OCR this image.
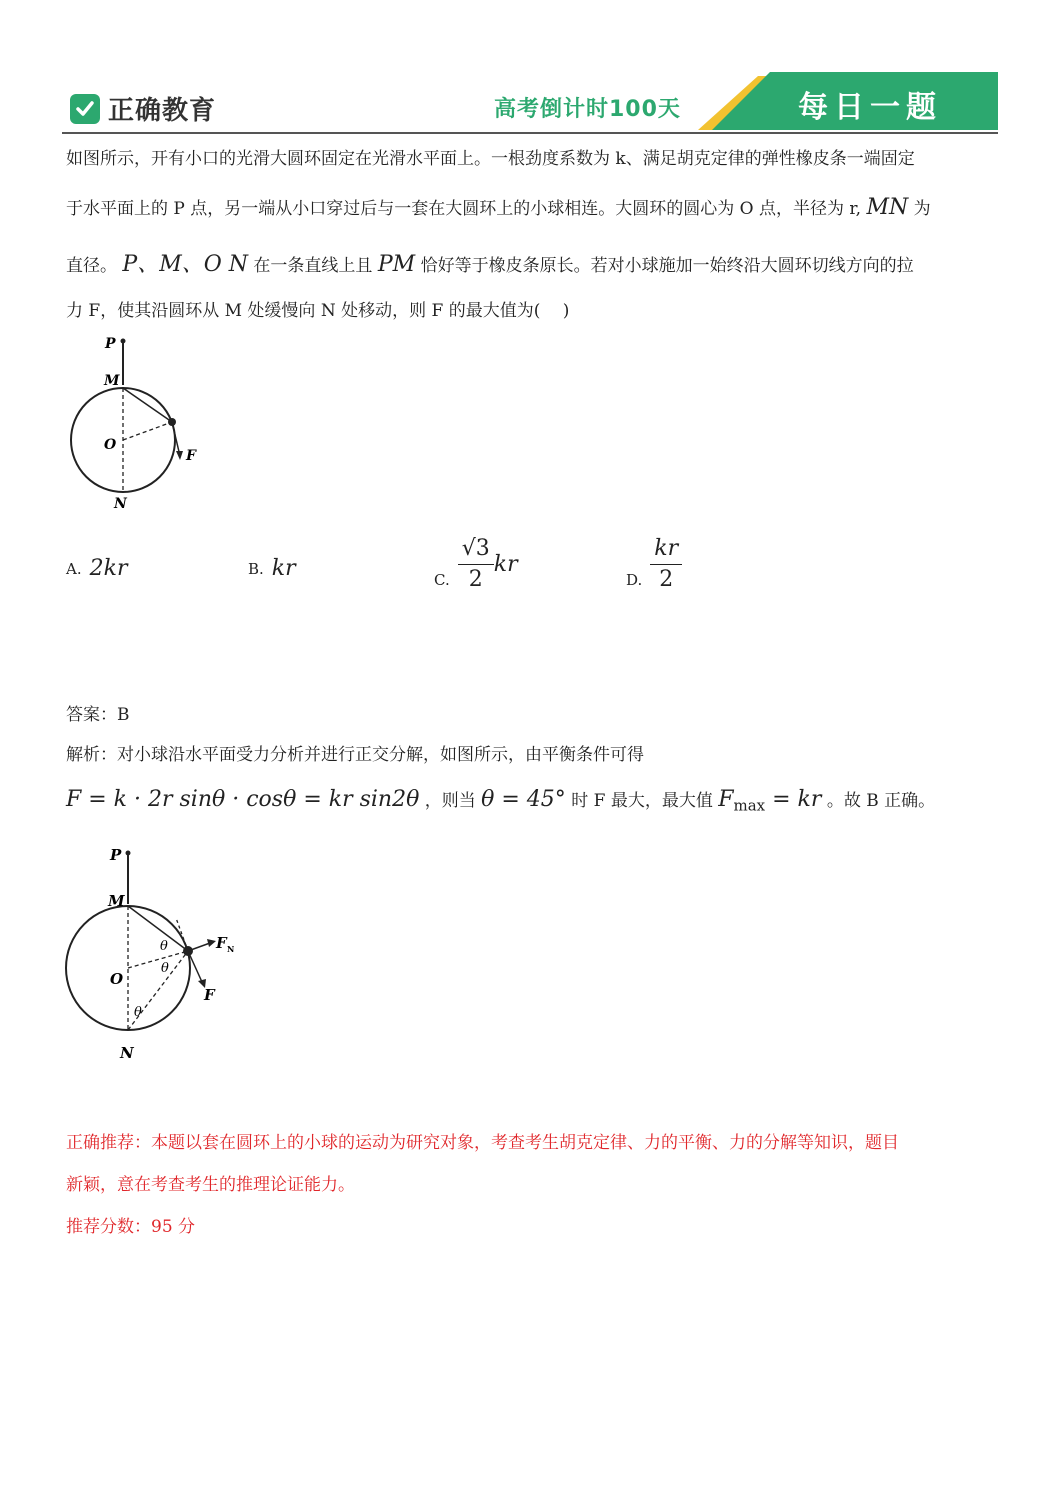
正确教育	高考倒计时100天	每日一题
如图所示，开有小口的光滑大圆环固定在光滑水平面上。一根劲度系数为 k、满足胡克定律的弹性橡皮条一端固定
于水平面上的 P 点，另一端从小口穿过后与一套在大圆环上的小球相连。大圆环的圆心为 O 点，半径为 r, MN 为
直径。 P、M、O N 在一条直线上且 PM 恰好等于橡皮条原长。若对小球施加一始终沿大圆环切线方向的拉
力 F，使其沿圆环从 M 处缓慢向 N 处移动，则 F 的最大值为(　 )
P
M
O
N
F
A. 2kr	B. kr	C. $\frac{√3}{2}$ kr
D. $\frac{kr}{2}$
答案：B
解析：对小球沿水平面受力分析并进行正交分解，如图所示，由平衡条件可得
F = k · 2r sinθ · cosθ = kr sin2θ ，则当 θ = 45° 时 F 最大，最大值 $F_{max}$ = kr 。故 B 正确。
P
M
O
N
F
F N
θ
θ
θ
正确推荐：本题以套在圆环上的小球的运动为研究对象，考查考生胡克定律、力的平衡、力的分解等知识，题目
新颖，意在考查考生的推理论证能力。
推荐分数：95 分
